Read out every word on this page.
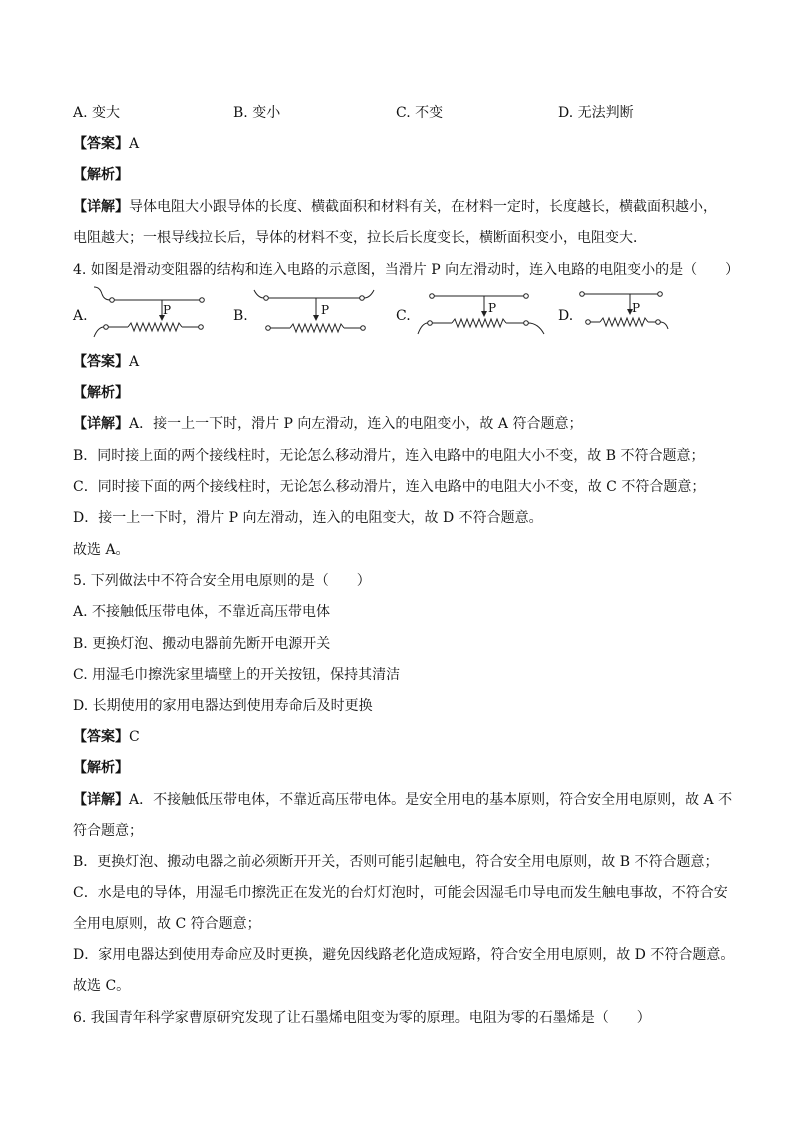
A. 变大	B. 变小	C. 不变	D. 无法判断
【答案】A
【解析】
【详解】导体电阻大小跟导体的长度、横截面积和材料有关，在材料一定时，长度越长，横截面积越小，
电阻越大；一根导线拉长后，导体的材料不变，拉长后长度变长，横断面积变小，电阻变大．
4. 如图是滑动变阻器的结构和连入电路的示意图，当滑片 P 向左滑动时，连入电路的电阻变小的是（　　）
A.	P	B.	P	C.	P	D.	P
【答案】A
【解析】
【详解】A．接一上一下时，滑片 P 向左滑动，连入的电阻变小，故 A 符合题意；
B．同时接上面的两个接线柱时，无论怎么移动滑片，连入电路中的电阻大小不变，故 B 不符合题意；
C．同时接下面的两个接线柱时，无论怎么移动滑片，连入电路中的电阻大小不变，故 C 不符合题意；
D．接一上一下时，滑片 P 向左滑动，连入的电阻变大，故 D 不符合题意。
故选 A。
5. 下列做法中不符合安全用电原则的是（　　）
A. 不接触低压带电体，不靠近高压带电体
B. 更换灯泡、搬动电器前先断开电源开关
C. 用湿毛巾擦洗家里墙壁上的开关按钮，保持其清洁
D. 长期使用的家用电器达到使用寿命后及时更换
【答案】C
【解析】
【详解】A．不接触低压带电体，不靠近高压带电体。是安全用电的基本原则，符合安全用电原则，故 A 不
符合题意；
B．更换灯泡、搬动电器之前必须断开开关，否则可能引起触电，符合安全用电原则，故 B 不符合题意；
C．水是电的导体，用湿毛巾擦洗正在发光的台灯灯泡时，可能会因湿毛巾导电而发生触电事故，不符合安
全用电原则，故 C 符合题意；
D．家用电器达到使用寿命应及时更换，避免因线路老化造成短路，符合安全用电原则，故 D 不符合题意。
故选 C。
6. 我国青年科学家曹原研究发现了让石墨烯电阻变为零的原理。电阻为零的石墨烯是（　　）
